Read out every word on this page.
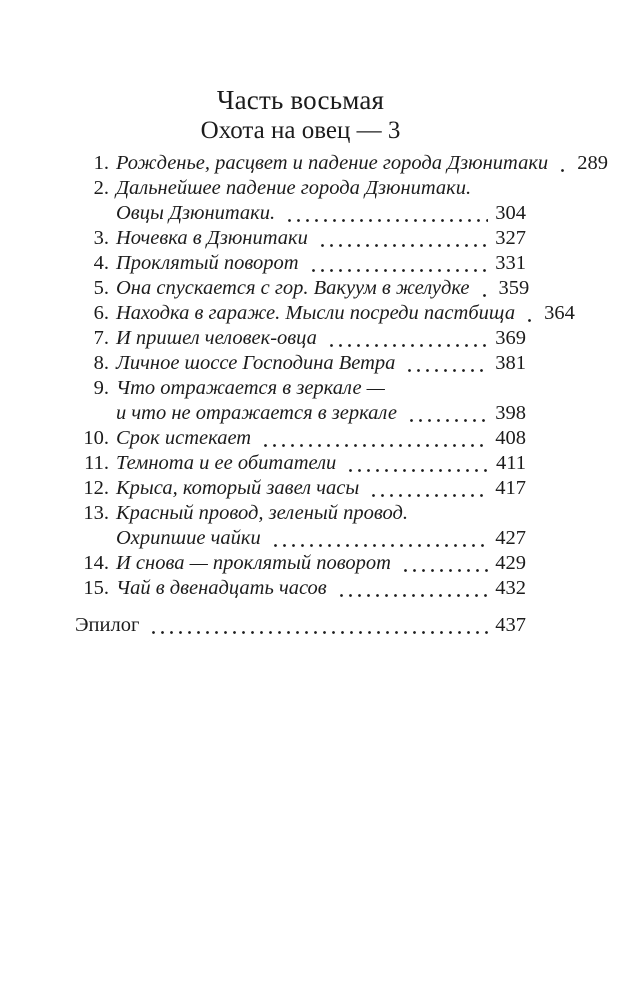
Часть восьмая
Охота на овец — 3
1. Рожденье, расцвет и падение города Дзюнитаки 289
2. Дальнейшее падение города Дзюнитаки.
Овцы Дзюнитаки.	304
3. Ночевка в Дзюнитаки	327
4. Проклятый поворот	331
5. Она спускается с гор. Вакуум в желудке 359
6. Находка в гараже. Мысли посреди пастбища 364
7. И пришел человек-овца	369
8. Личное шоссе Господина Ветра	381
9. Что отражается в зеркале —
и что не отражается в зеркале	398
10. Срок истекает	408
11. Темнота и ее обитатели	411
12. Крыса, который завел часы	417
13. Красный провод, зеленый провод.
Охрипшие чайки	427
14. И снова — проклятый поворот	429
15. Чай в двенадцать часов	432
Эпилог	437
